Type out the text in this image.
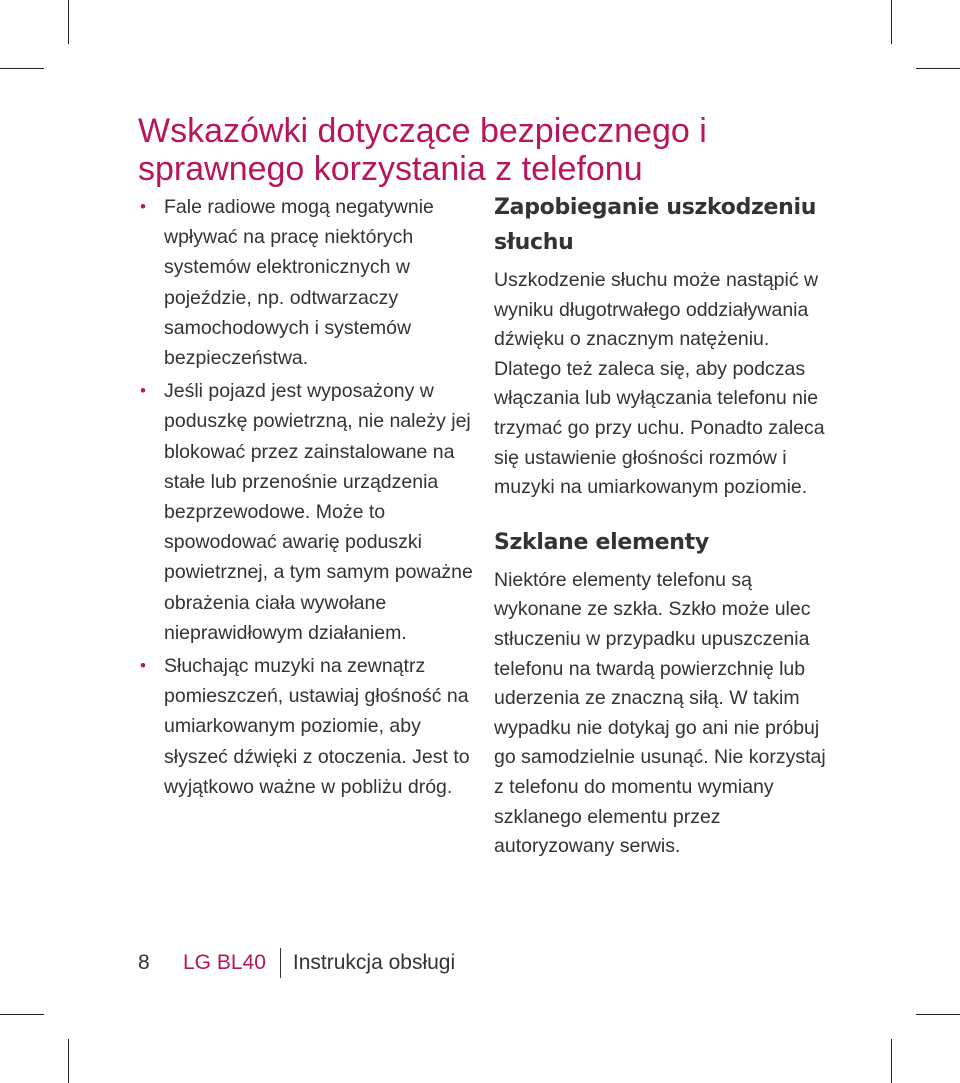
Wskazówki dotyczące bezpiecznego i sprawnego korzystania z telefonu
• Fale radiowe mogą negatywnie wpływać na pracę niektórych systemów elektronicznych w pojeździe, np. odtwarzaczy samochodowych i systemów bezpieczeństwa.
• Jeśli pojazd jest wyposażony w poduszkę powietrzną, nie należy jej blokować przez zainstalowane na stałe lub przenośnie urządzenia bezprzewodowe. Może to spowodować awarię poduszki powietrznej, a tym samym poważne obrażenia ciała wywołane nieprawidłowym działaniem.
• Słuchając muzyki na zewnątrz pomieszczeń, ustawiaj głośność na umiarkowanym poziomie, aby słyszeć dźwięki z otoczenia. Jest to wyjątkowo ważne w pobliżu dróg.
Zapobieganie uszkodzeniu słuchu

Uszkodzenie słuchu może nastąpić w wyniku długotrwałego oddziaływania dźwięku o znacznym natężeniu. Dlatego też zaleca się, aby podczas włączania lub wyłączania telefonu nie trzymać go przy uchu. Ponadto zaleca się ustawienie głośności rozmów i muzyki na umiarkowanym poziomie.

Szklane elementy

Niektóre elementy telefonu są wykonane ze szkła. Szkło może ulec stłuczeniu w przypadku upuszczenia telefonu na twardą powierzchnię lub uderzenia ze znaczną siłą. W takim wypadku nie dotykaj go ani nie próbuj go samodzielnie usunąć. Nie korzystaj z telefonu do momentu wymiany szklanego elementu przez autoryzowany serwis.

8	LG BL40 Instrukcja obsługi
